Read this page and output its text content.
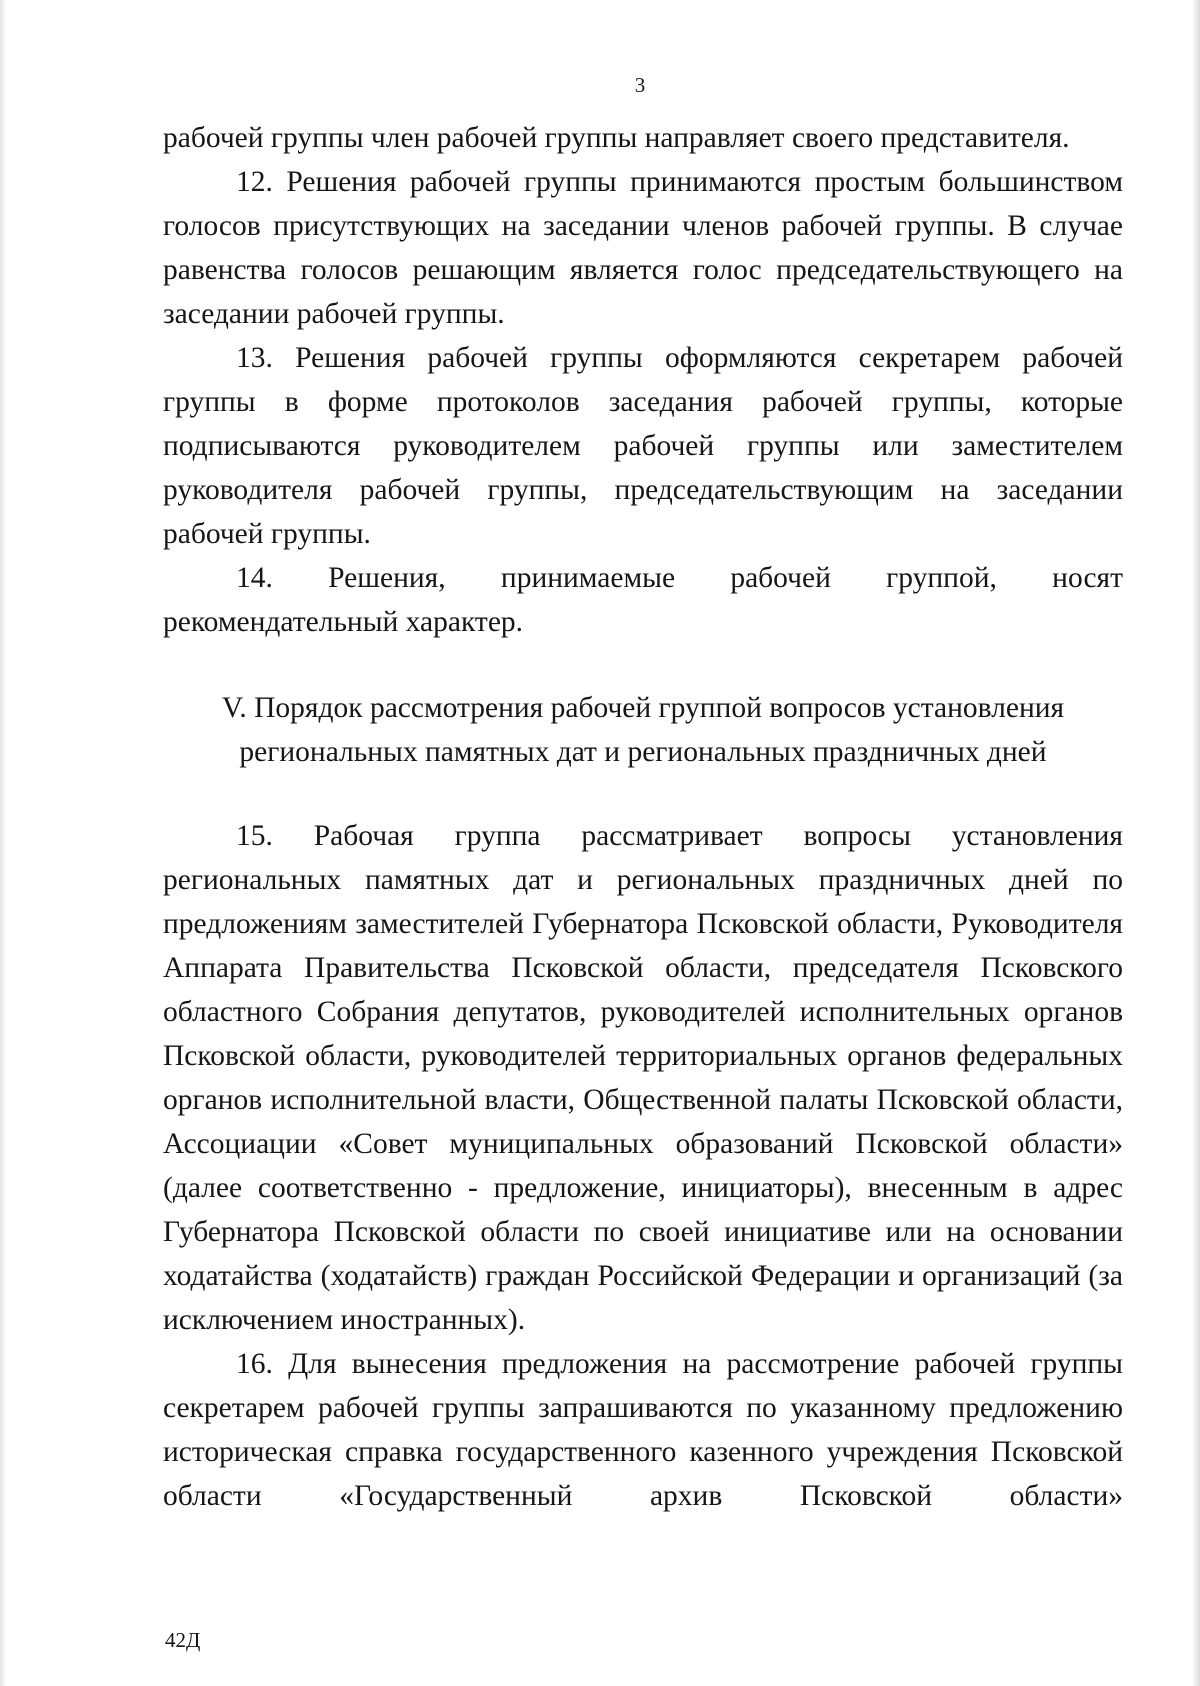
3

рабочей группы член рабочей группы направляет своего представителя.

12. Решения рабочей группы принимаются простым большинством голосов присутствующих на заседании членов рабочей группы. В случае равенства голосов решающим является голос председательствующего на заседании рабочей группы.

13. Решения рабочей группы оформляются секретарем рабочей группы в форме протоколов заседания рабочей группы, которые подписываются руководителем рабочей группы или заместителем руководителя рабочей группы, председательствующим на заседании рабочей группы.

14. Решения, принимаемые рабочей группой, носят рекомендательный характер.

V. Порядок рассмотрения рабочей группой вопросов установления
региональных памятных дат и региональных праздничных дней

15. Рабочая группа рассматривает вопросы установления региональных памятных дат и региональных праздничных дней по предложениям заместителей Губернатора Псковской области, Руководителя Аппарата Правительства Псковской области, председателя Псковского областного Собрания депутатов, руководителей исполнительных органов Псковской области, руководителей территориальных органов федеральных органов исполнительной власти, Общественной палаты Псковской области, Ассоциации «Совет муниципальных образований Псковской области» (далее соответственно - предложение, инициаторы), внесенным в адрес Губернатора Псковской области по своей инициативе или на основании ходатайства (ходатайств) граждан Российской Федерации и организаций (за исключением иностранных).

16. Для вынесения предложения на рассмотрение рабочей группы секретарем рабочей группы запрашиваются по указанному предложению историческая справка государственного казенного учреждения Псковской области «Государственный архив Псковской области»

42Д
